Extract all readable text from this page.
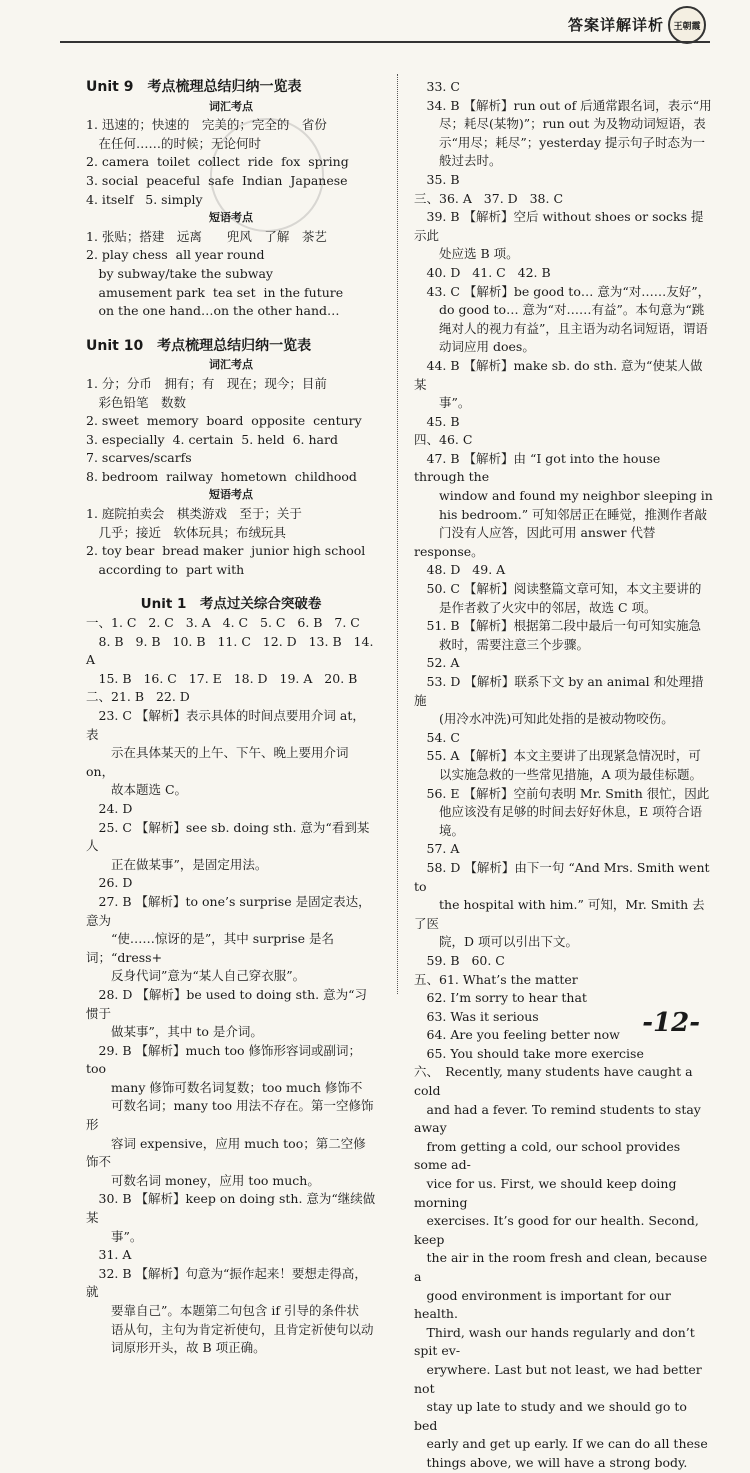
答案详解详析 王朝霞
Unit 9　考点梳理总结归纳一览表
词汇考点
1. 迅速的；快速的　完美的；完全的　省份
　在任何……的时候；无论何时
2. camera  toilet  collect  ride  fox  spring
3. social  peaceful  safe  Indian  Japanese
4. itself   5. simply
短语考点
1. 张贴；搭建　远离　　兜风　了解　茶艺
2. play chess  all year round
　by subway/take the subway
　amusement park  tea set  in the future
　on the one hand…on the other hand…
Unit 10　考点梳理总结归纳一览表
词汇考点
1. 分；分币　拥有；有　现在；现今；目前
　彩色铅笔　数数
2. sweet  memory  board  opposite  century
3. especially  4. certain  5. held  6. hard
7. scarves/scarfs
8. bedroom  railway  hometown  childhood
短语考点
1. 庭院拍卖会　棋类游戏　至于；关于
　几乎；接近　软体玩具；布绒玩具
2. toy bear  bread maker  junior high school
　according to  part with
Unit 1　考点过关综合突破卷
一、1. C   2. C   3. A   4. C   5. C   6. B   7. C
　8. B   9. B   10. B   11. C   12. D   13. B   14. A
　15. B   16. C   17. E   18. D   19. A   20. B
二、21. B   22. D
　23. C 【解析】表示具体的时间点要用介词 at，表
　　示在具体某天的上午、下午、晚上要用介词 on，
　　故本题选 C。
　24. D
　25. C 【解析】see sb. doing sth. 意为“看到某人
　　正在做某事”，是固定用法。
　26. D
　27. B 【解析】to one’s surprise 是固定表达，意为
　　“使……惊讶的是”，其中 surprise 是名词；“dress+
　　反身代词”意为“某人自己穿衣服”。
　28. D 【解析】be used to doing sth. 意为“习惯于
　　做某事”，其中 to 是介词。
　29. B 【解析】much too 修饰形容词或副词；too
　　many 修饰可数名词复数；too much 修饰不
　　可数名词；many too 用法不存在。第一空修饰形
　　容词 expensive，应用 much too；第二空修饰不
　　可数名词 money，应用 too much。
　30. B 【解析】keep on doing sth. 意为“继续做某
　　事”。
　31. A
　32. B 【解析】句意为“振作起来！要想走得高，就
　　要靠自己”。本题第二句包含 if 引导的条件状
　　语从句，主句为肯定祈使句，且肯定祈使句以动
　　词原形开头，故 B 项正确。
　33. C
　34. B 【解析】run out of 后通常跟名词，表示“用
　　尽；耗尽(某物)”；run out 为及物动词短语，表
　　示“用尽；耗尽”；yesterday 提示句子时态为一
　　般过去时。
　35. B
三、36. A   37. D   38. C
　39. B 【解析】空后 without shoes or socks 提示此
　　处应选 B 项。
　40. D   41. C   42. B
　43. C 【解析】be good to… 意为“对……友好”，
　　do good to… 意为“对……有益”。本句意为“跳
　　绳对人的视力有益”，且主语为动名词短语，谓语
　　动词应用 does。
　44. B 【解析】make sb. do sth. 意为“使某人做某
　　事”。
　45. B
四、46. C
　47. B 【解析】由 “I got into the house through the
　　window and found my neighbor sleeping in
　　his bedroom.” 可知邻居正在睡觉，推测作者敲
　　门没有人应答，因此可用 answer 代替 response。
　48. D   49. A
　50. C 【解析】阅读整篇文章可知，本文主要讲的
　　是作者救了火灾中的邻居，故选 C 项。
　51. B 【解析】根据第二段中最后一句可知实施急
　　救时，需要注意三个步骤。
　52. A
　53. D 【解析】联系下文 by an animal 和处理措施
　　(用冷水冲洗)可知此处指的是被动物咬伤。
　54. C
　55. A 【解析】本文主要讲了出现紧急情况时，可
　　以实施急救的一些常见措施，A 项为最佳标题。
　56. E 【解析】空前句表明 Mr. Smith 很忙，因此
　　他应该没有足够的时间去好好休息，E 项符合语
　　境。
　57. A
　58. D 【解析】由下一句 “And Mrs. Smith went to
　　the hospital with him.” 可知，Mr. Smith 去了医
　　院，D 项可以引出下文。
　59. B   60. C
五、61. What’s the matter
　62. I’m sorry to hear that
　63. Was it serious
　64. Are you feeling better now
　65. You should take more exercise
六、　Recently, many students have caught a cold
　and had a fever. To remind students to stay away
　from getting a cold, our school provides some ad-
　vice for us. First, we should keep doing morning
　exercises. It’s good for our health. Second, keep
　the air in the room fresh and clean, because a
　good environment is important for our health.
　Third, wash our hands regularly and don’t spit ev-
　erywhere. Last but not least, we had better not
　stay up late to study and we should go to bed
　early and get up early. If we can do all these
　things above, we will have a strong body.
-12-
